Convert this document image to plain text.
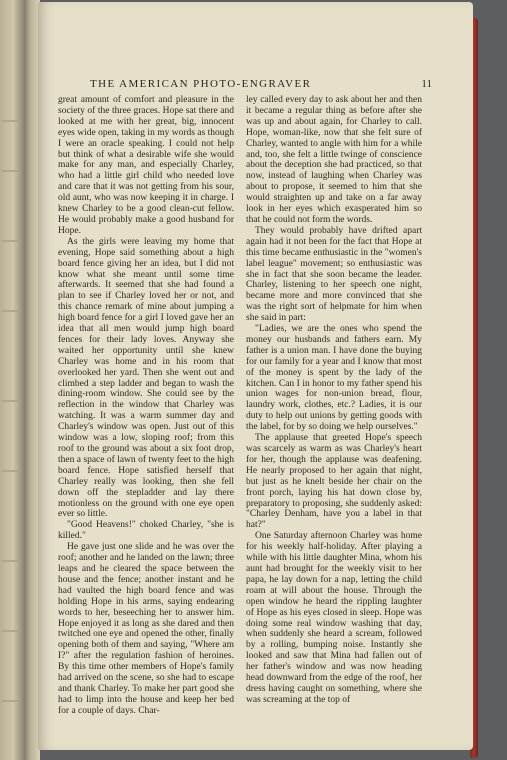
THE AMERICAN PHOTO-ENGRAVER	11

great amount of comfort and pleasure in the society of the three graces. Hope sat there and looked at me with her great, big, innocent eyes wide open, taking in my words as though I were an oracle speaking. I could not help but think of what a desirable wife she would make for any man, and especially Charley, who had a little girl child who needed love and care that it was not getting from his sour, old aunt, who was now keeping it in charge. I knew Charley to be a good clean-cut fellow. He would probably make a good husband for Hope.

As the girls were leaving my home that evening, Hope said something about a high board fence giving her an idea, but I did not know what she meant until some time afterwards. It seemed that she had found a plan to see if Charley loved her or not, and this chance remark of mine about jumping a high board fence for a girl I loved gave her an idea that all men would jump high board fences for their lady loves. Anyway she waited her opportunity until she knew Charley was home and in his room that overlooked her yard. Then she went out and climbed a step ladder and began to wash the dining-room window. She could see by the reflection in the window that Charley was watching. It was a warm summer day and Charley's window was open. Just out of this window was a low, sloping roof; from this roof to the ground was about a six foot drop, then a space of lawn of twenty feet to the high board fence. Hope satisfied herself that Charley really was looking, then she fell down off the stepladder and lay there motionless on the ground with one eye open ever so little.

"Good Heavens!" choked Charley, "she is killed."

He gave just one slide and he was over the roof; another and he landed on the lawn; three leaps and he cleared the space between the house and the fence; another instant and he had vaulted the high board fence and was holding Hope in his arms, saying endearing words to her, beseeching her to answer him. Hope enjoyed it as long as she dared and then twitched one eye and opened the other, finally opening both of them and saying, "Where am I?" after the regulation fashion of heroines. By this time other members of Hope's family had arrived on the scene, so she had to escape and thank Charley. To make her part good she had to limp into the house and keep her bed for a couple of days. Char-

ley called every day to ask about her and then it became a regular thing as before after she was up and about again, for Charley to call. Hope, woman-like, now that she felt sure of Charley, wanted to angle with him for a while and, too, she felt a little twinge of conscience about the deception she had practiced, so that now, instead of laughing when Charley was about to propose, it seemed to him that she would straighten up and take on a far away look in her eyes which exasperated him so that he could not form the words.

They would probably have drifted apart again had it not been for the fact that Hope at this time became enthusiastic in the "women's label league" movement; so enthusiastic was she in fact that she soon became the leader. Charley, listening to her speech one night, became more and more convinced that she was the right sort of helpmate for him when she said in part:

"Ladies, we are the ones who spend the money our husbands and fathers earn. My father is a union man. I have done the buying for our family for a year and I know that most of the money is spent by the lady of the kitchen. Can I in honor to my father spend his union wages for non-union bread, flour, laundry work, clothes, etc.? Ladies, it is our duty to help out unions by getting goods with the label, for by so doing we help ourselves."

The applause that greeted Hope's speech was scarcely as warm as was Charley's heart for her, though the applause was deafening. He nearly proposed to her again that night, but just as he knelt beside her chair on the front porch, laying his hat down close by, preparatory to proposing, she suddenly asked: "Charley Denham, have you a label in that hat?"

One Saturday afternoon Charley was home for his weekly half-holiday. After playing a while with his little daughter Mina, whom his aunt had brought for the weekly visit to her papa, he lay down for a nap, letting the child roam at will about the house. Through the open window he heard the rippling laughter of Hope as his eyes closed in sleep. Hope was doing some real window washing that day, when suddenly she heard a scream, followed by a rolling, bumping noise. Instantly she looked and saw that Mina had fallen out of her father's window and was now heading head downward from the edge of the roof, her dress having caught on something, where she was screaming at the top of
